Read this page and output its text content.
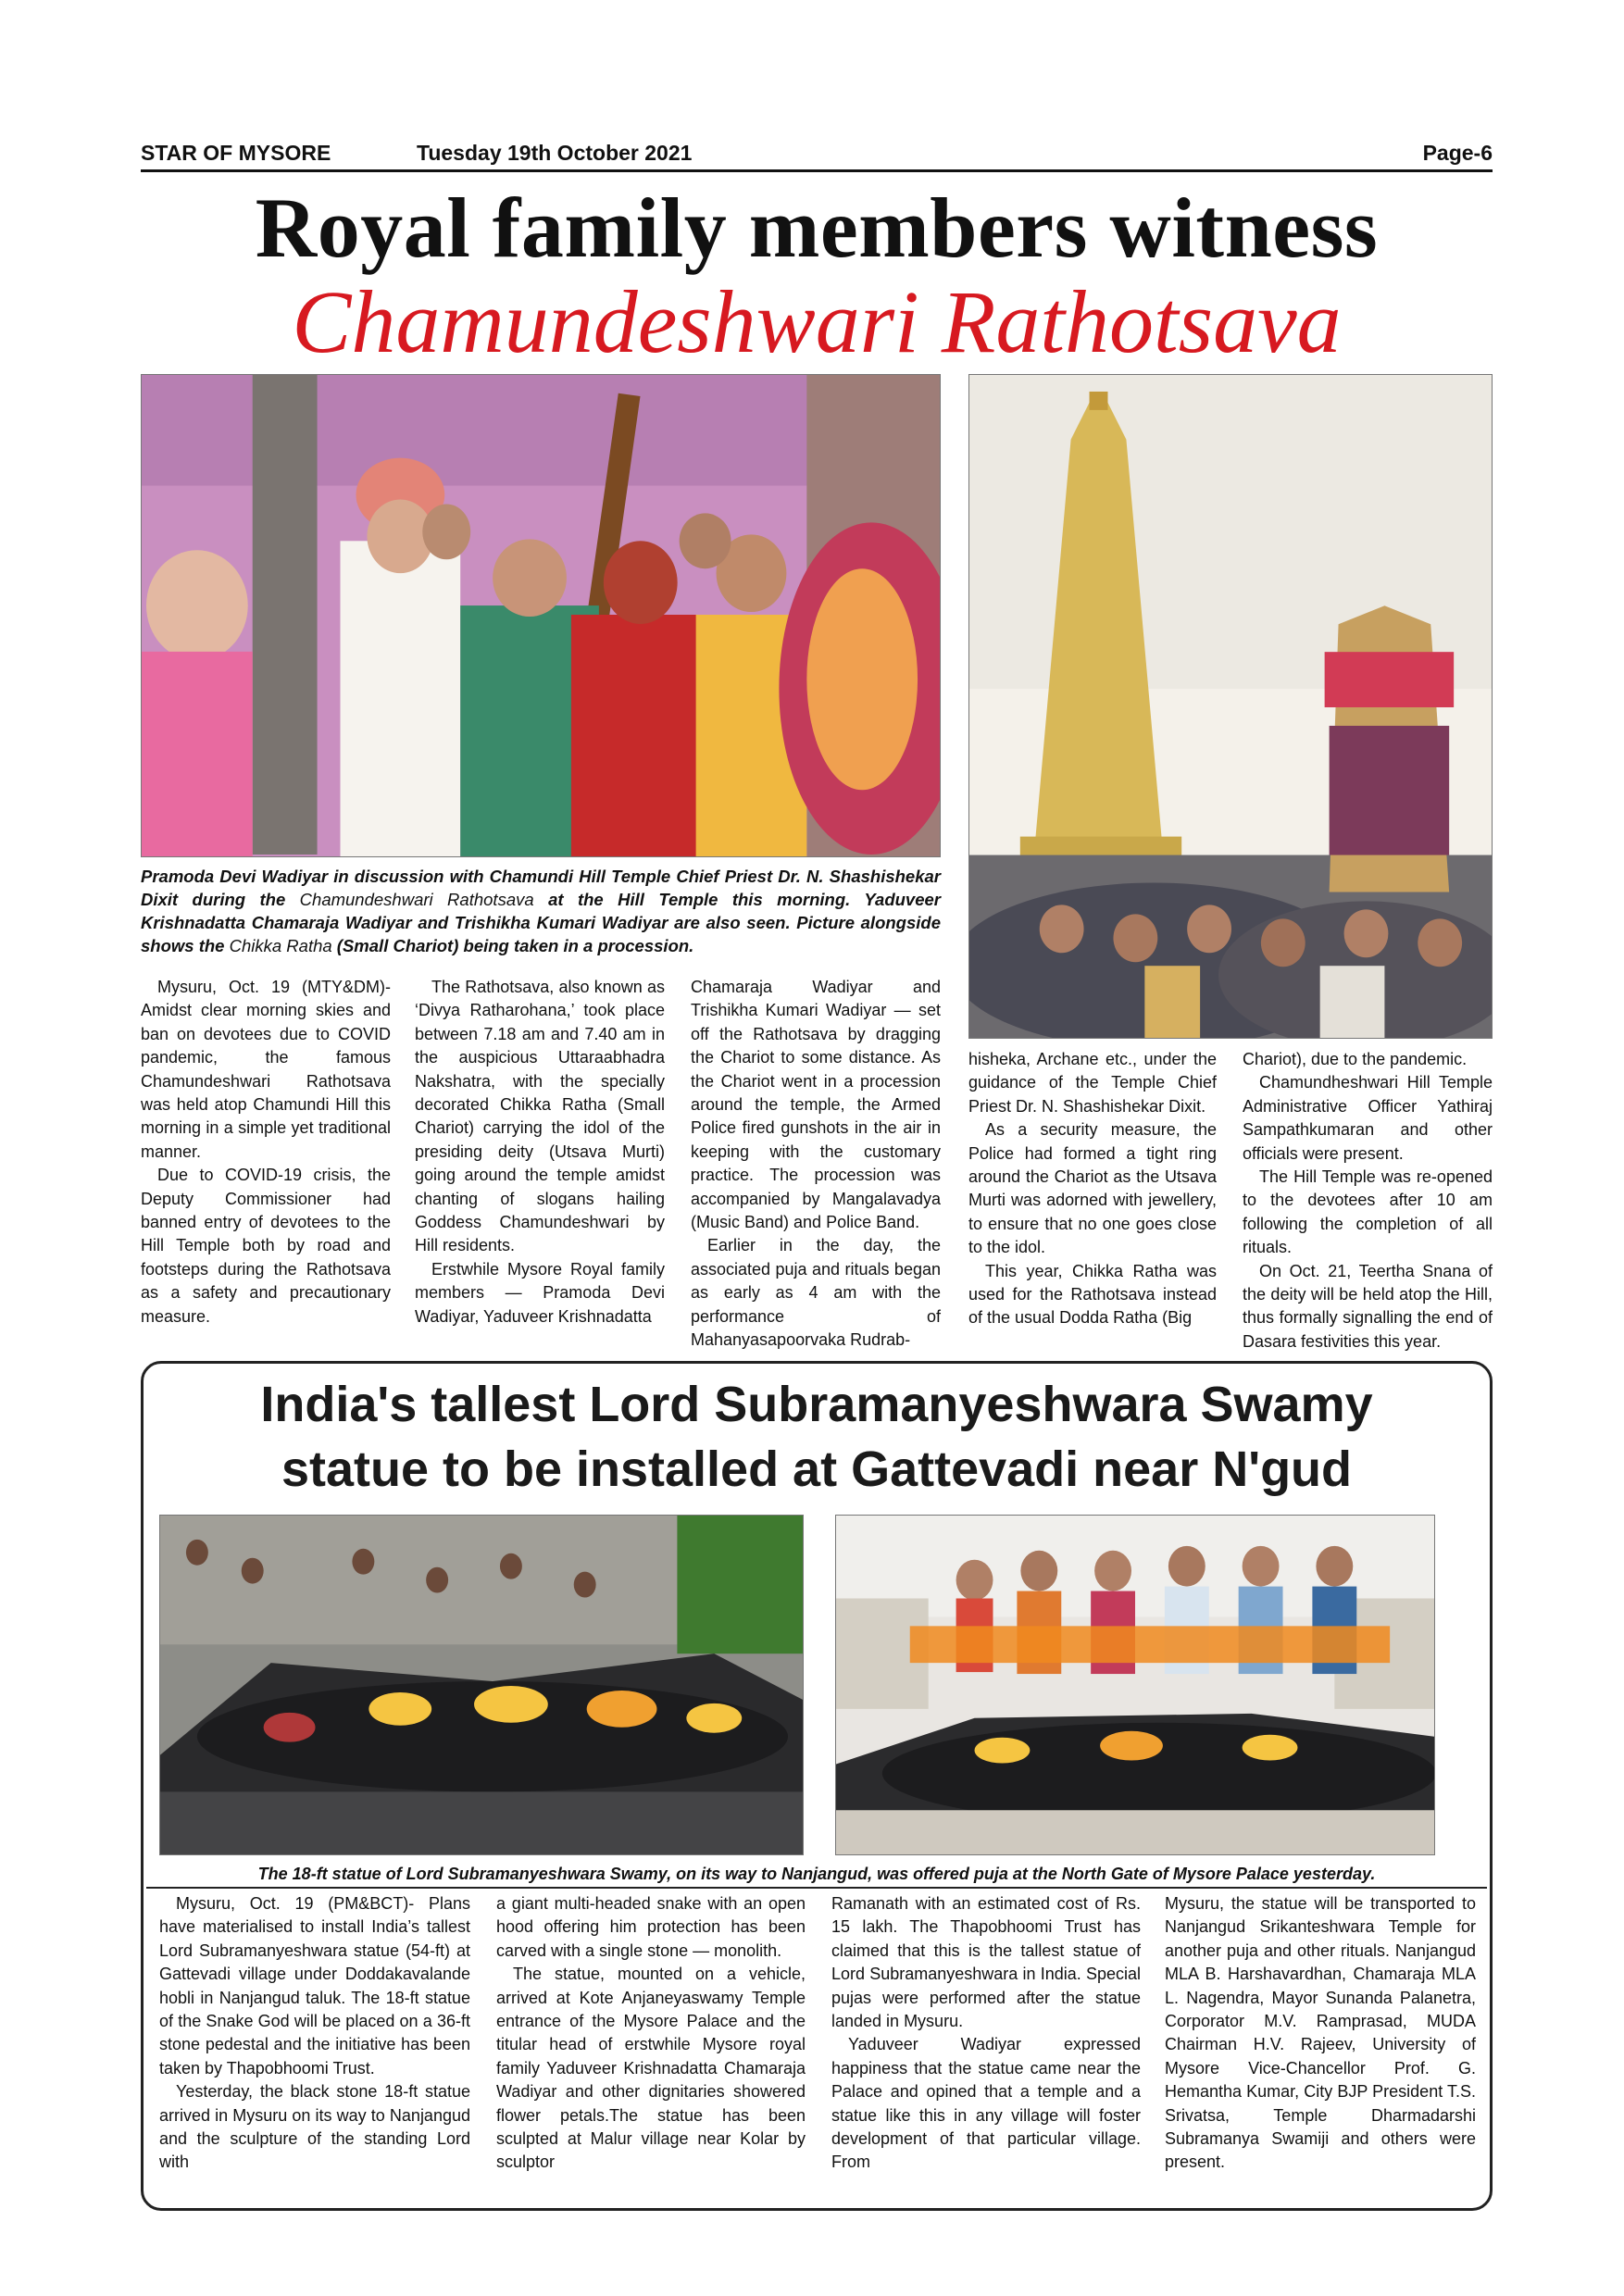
STAR OF MYSORE	Tuesday 19th October 2021	Page-6
Royal family members witness
Chamundeshwari Rathotsava

Pramoda Devi Wadiyar in discussion with Chamundi Hill Temple Chief Priest Dr. N. Shashishekar Dixit during the Chamundeshwari Rathotsava at the Hill Temple this morning. Yaduveer Krishnadatta Chamaraja Wadiyar and Trishikha Kumari Wadiyar are also seen. Picture alongside shows the Chikka Ratha (Small Chariot) being taken in a procession.

Mysuru, Oct. 19 (MTY&DM)- Amidst clear morning skies and ban on devotees due to COVID pandemic, the famous Chamundeshwari Rathotsava was held atop Chamundi Hill this morning in a simple yet traditional manner.

Due to COVID-19 crisis, the Deputy Commissioner had banned entry of devotees to the Hill Temple both by road and footsteps during the Rathotsava as a safety and precautionary measure.

The Rathotsava, also known as ‘Divya Ratharohana,’ took place between 7.18 am and 7.40 am in the auspicious Uttaraabhadra Nakshatra, with the specially decorated Chikka Ratha (Small Chariot) carrying the idol of the presiding deity (Utsava Murti) going around the temple amidst chanting of slogans hailing Goddess Chamundeshwari by Hill residents.

Erstwhile Mysore Royal family members — Pramoda Devi Wadiyar, Yaduveer Krishnadatta

Chamaraja Wadiyar and Trishikha Kumari Wadiyar — set off the Rathotsava by dragging the Chariot to some distance. As the Chariot went in a procession around the temple, the Armed Police fired gunshots in the air in keeping with the customary practice. The procession was accompanied by Mangalavadya (Music Band) and Police Band.

Earlier in the day, the associated puja and rituals began as early as 4 am with the performance of Mahanyasapoorvaka Rudrab-

hisheka, Archane etc., under the guidance of the Temple Chief Priest Dr. N. Shashishekar Dixit.

As a security measure, the Police had formed a tight ring around the Chariot as the Utsava Murti was adorned with jewellery, to ensure that no one goes close to the idol.

This year, Chikka Ratha was used for the Rathotsava instead of the usual Dodda Ratha (Big

Chariot), due to the pandemic.

Chamundheshwari Hill Temple Administrative Officer Yathiraj Sampathkumaran and other officials were present.

The Hill Temple was re-opened to the devotees after 10 am following the completion of all rituals.

On Oct. 21, Teertha Snana of the deity will be held atop the Hill, thus formally signalling the end of Dasara festivities this year.

India's tallest Lord Subramanyeshwara Swamy
statue to be installed at Gattevadi near N'gud

The 18-ft statue of Lord Subramanyeshwara Swamy, on its way to Nanjangud, was offered puja at the North Gate of Mysore Palace yesterday.

Mysuru, Oct. 19 (PM&BCT)- Plans have materialised to install India’s tallest Lord Subramanyeshwara statue (54-ft) at Gattevadi village under Doddakavalande hobli in Nanjangud taluk. The 18-ft statue of the Snake God will be placed on a 36-ft stone pedestal and the initiative has been taken by Thapobhoomi Trust.

Yesterday, the black stone 18-ft statue arrived in Mysuru on its way to Nanjangud and the sculpture of the standing Lord with

a giant multi-headed snake with an open hood offering him protection has been carved with a single stone — monolith.

The statue, mounted on a vehicle, arrived at Kote Anjaneyaswamy Temple entrance of the Mysore Palace and the titular head of erstwhile Mysore royal family Yaduveer Krishnadatta Chamaraja Wadiyar and other dignitaries showered flower petals.The statue has been sculpted at Malur village near Kolar by sculptor

Ramanath with an estimated cost of Rs. 15 lakh. The Thapobhoomi Trust has claimed that this is the tallest statue of Lord Subramanyeshwara in India. Special pujas were performed after the statue landed in Mysuru.

Yaduveer Wadiyar expressed happiness that the statue came near the Palace and opined that a temple and a statue like this in any village will foster development of that particular village. From

Mysuru, the statue will be transported to Nanjangud Srikanteshwara Temple for another puja and other rituals. Nanjangud MLA B. Harshavardhan, Chamaraja MLA L. Nagendra, Mayor Sunanda Palanetra, Corporator M.V. Ramprasad, MUDA Chairman H.V. Rajeev, University of Mysore Vice-Chancellor Prof. G. Hemantha Kumar, City BJP President T.S. Srivatsa, Temple Dharmadarshi Subramanya Swamiji and others were present.
